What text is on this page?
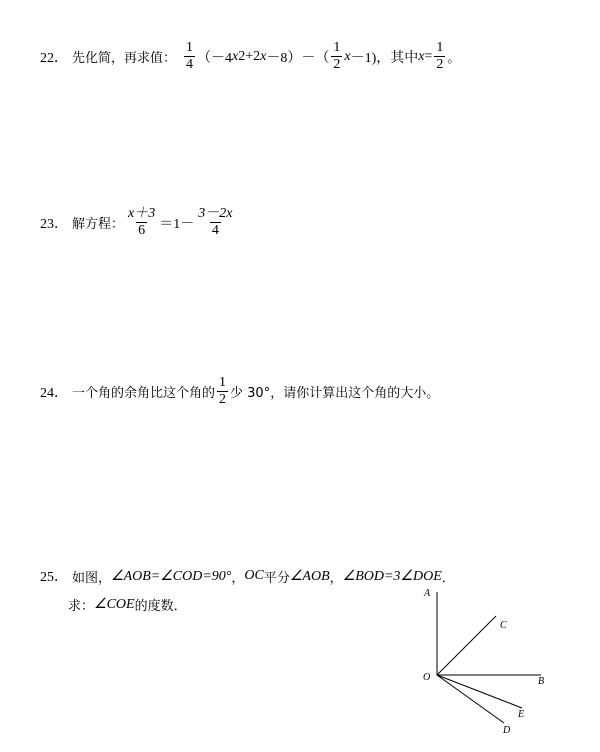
22． 先化简，再求值： $\frac{1}{4} (-4$ x 2 +2 $x -8)-( \frac{1}{2}$ x －1)，其中 $x = \frac{1}{2}$ 。
23． 解方程： $\frac{x+3}{6} =1- \frac{3-2x}{4}$
24． 一个角的余角比这个角的 $\frac{1}{2}$ 少 30°，请你计算出这个角的大小。
25． 如图， ∠AOB=∠COD=90° ， OC 平分 ∠AOB ， ∠BOD=3∠DOE ．
求： ∠COE 的度数．
A
C
O	B
E
D
